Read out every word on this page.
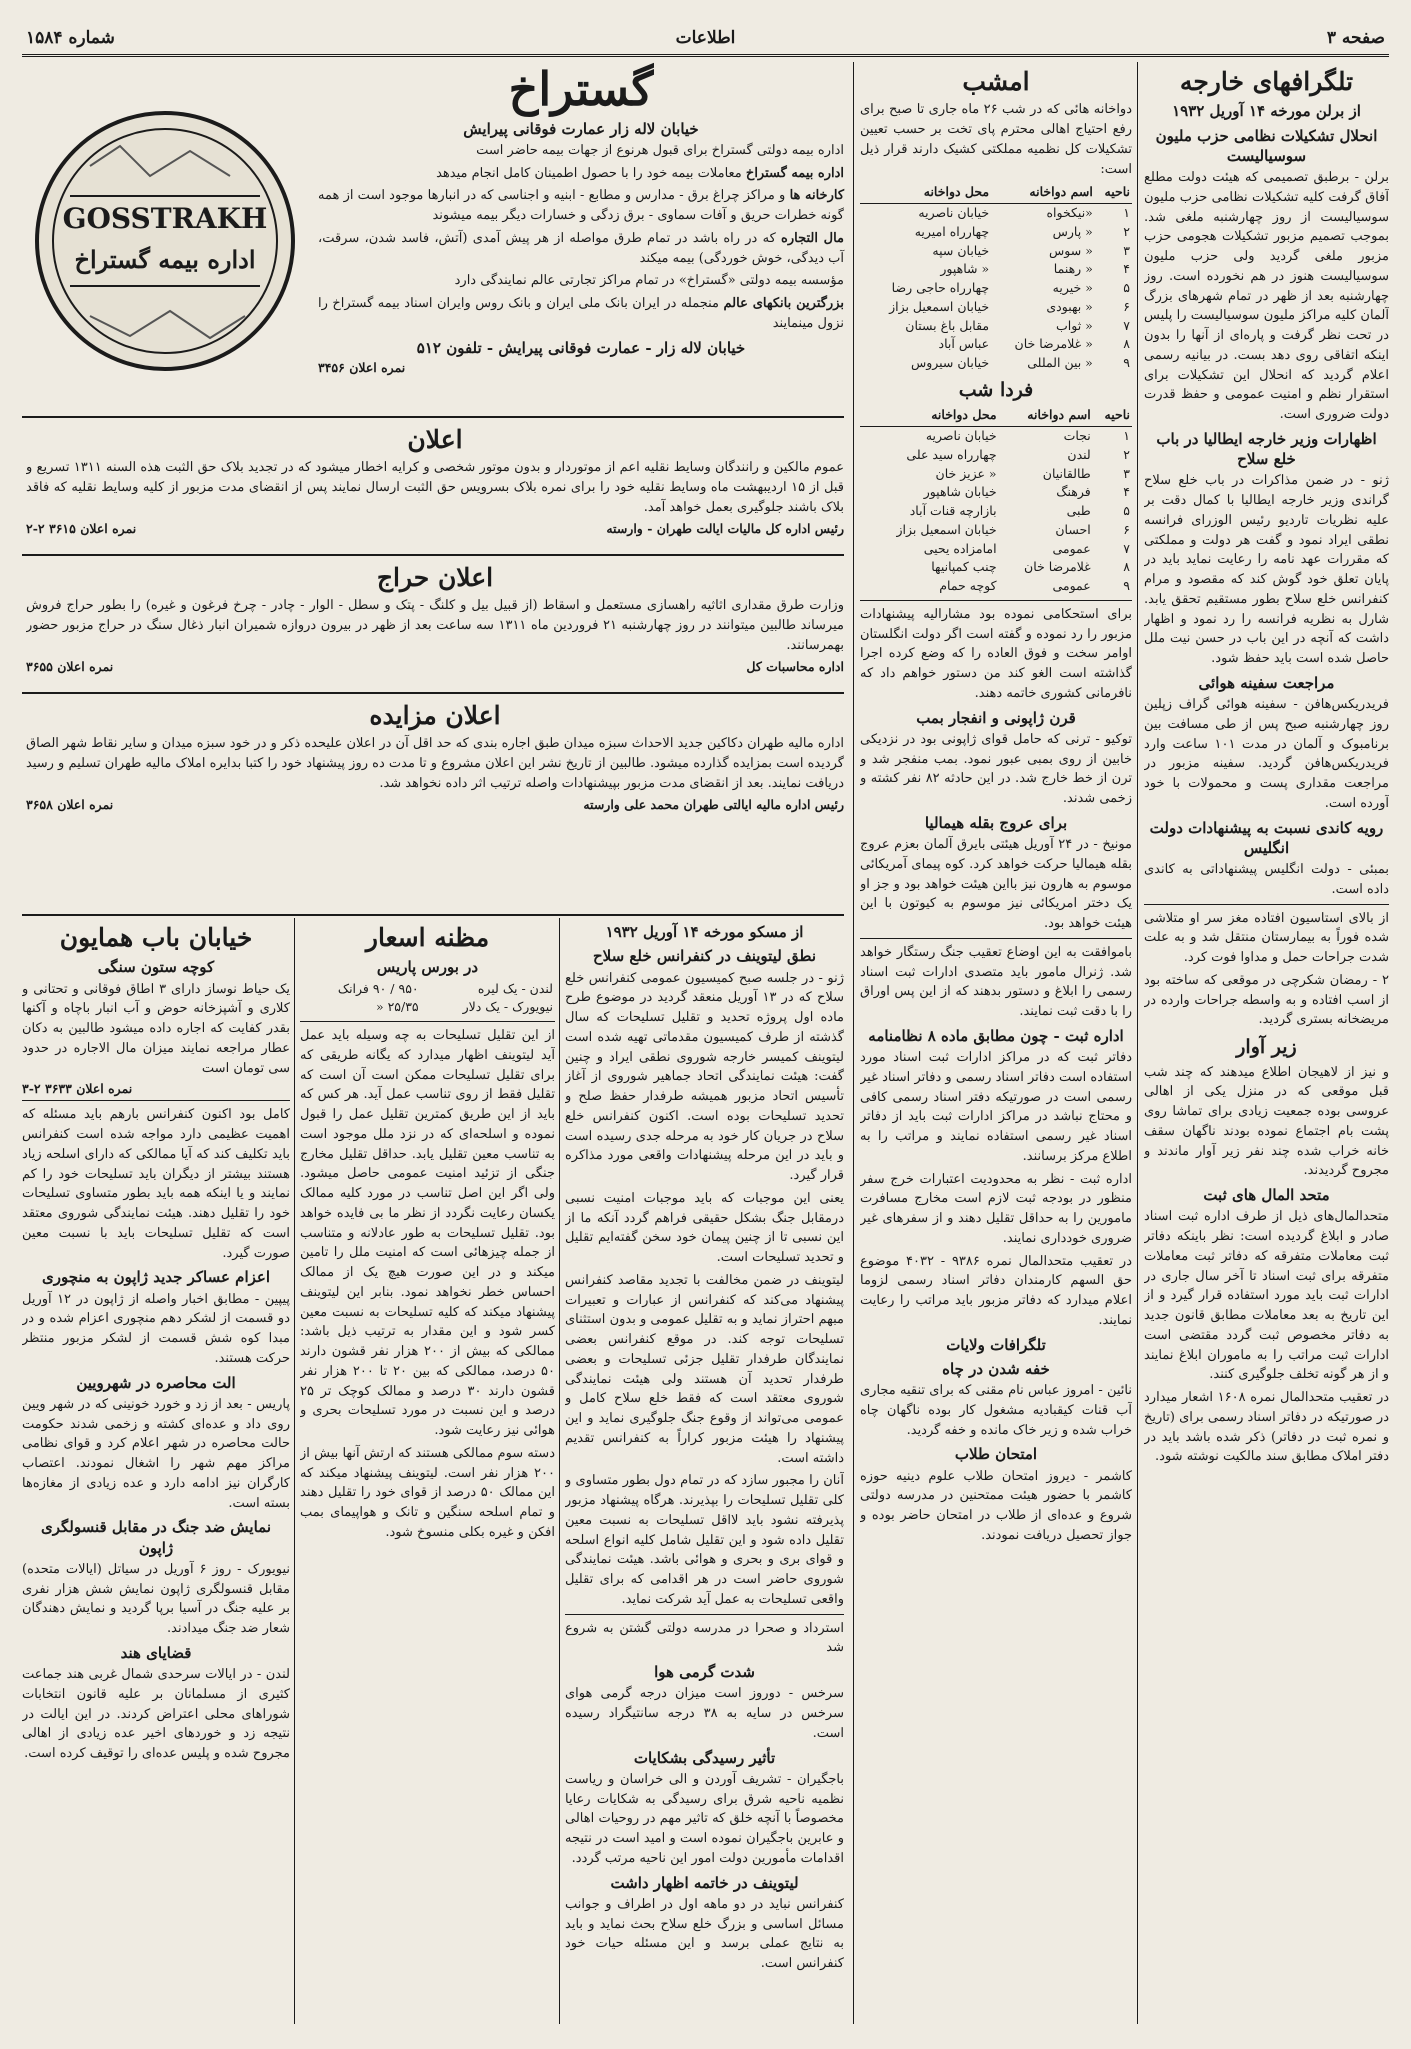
صفحه ۳
اطلاعات
شماره ۱۵۸۴
تلگرافهای خارجه
از برلن مورخه ۱۴ آوریل ۱۹۳۲
انحلال تشکیلات نظامی حزب ملیون سوسیالیست

برلن - برطبق تصمیمی که هیئت دولت مطلع آفاق گرفت کلیه تشکیلات نظامی حزب ملیون سوسیالیست از روز چهارشنبه ملغی شد. بموجب تصمیم مزبور تشکیلات هجومی حزب مزبور ملغی گردید ولی حزب ملیون سوسیالیست هنوز در هم نخورده است. روز چهارشنبه بعد از ظهر در تمام شهرهای بزرگ آلمان کلیه مراکز ملیون سوسیالیست را پلیس در تحت نظر گرفت و پاره‌ای از آنها را بدون اینکه اتفاقی روی دهد بست. در بیانیه رسمی اعلام گردید که انحلال این تشکیلات برای استقرار نظم و امنیت عمومی و حفظ قدرت دولت ضروری است.

اظهارات وزیر خارجه ایطالیا در باب خلع سلاح

ژنو - در ضمن مذاکرات در باب خلع سلاح گراندی وزیر خارجه ایطالیا با کمال دقت بر علیه نظریات تاردیو رئیس الوزرای فرانسه نطقی ایراد نمود و گفت هر دولت و مملکتی که مقررات عهد نامه را رعایت نماید باید در پایان تعلق خود گوش کند که مقصود و مرام کنفرانس خلع سلاح بطور مستقیم تحقق یابد. شارل به نظریه فرانسه را رد نمود و اظهار داشت که آنچه در این باب در حسن نیت ملل حاصل شده است باید حفظ شود.

مراجعت سفینه هوائی

فریدریکس‌هافن - سفینه هوائی گراف زپلین روز چهارشنبه صبح پس از طی مسافت بین برنامبوک و آلمان در مدت ۱۰۱ ساعت وارد فریدریکس‌هافن گردید. سفینه مزبور در مراجعت مقداری پست و محمولات با خود آورده است.

رویه کاندی نسبت به پیشنهادات دولت انگلیس

بمبئی - دولت انگلیس پیشنهاداتی به کاندی داده است.

از بالای استاسیون افتاده مغز سر او متلاشی شده فوراً به بیمارستان منتقل شد و به علت شدت جراحات حمل و مداوا فوت کرد.

۲ - رمضان شکرچی در موقعی که ساخته بود از اسب افتاده و به واسطه جراحات وارده در مریضخانه بستری گردید.

زیر آوار

و نیز از لاهیجان اطلاع میدهند که چند شب قبل موقعی که در منزل یکی از اهالی عروسی بوده جمعیت زیادی برای تماشا روی پشت بام اجتماع نموده بودند ناگهان سقف خانه خراب شده چند نفر زیر آوار ماندند و مجروح گردیدند.

متحد المال های ثبت

متحدالمال‌های ذیل از طرف اداره ثبت اسناد صادر و ابلاغ گردیده است: نظر باینکه دفاتر ثبت معاملات متفرقه که دفاتر ثبت معاملات متفرقه برای ثبت اسناد تا آخر سال جاری در ادارات ثبت باید مورد استفاده قرار گیرد و از این تاریخ به بعد معاملات مطابق قانون جدید به دفاتر مخصوص ثبت گردد مقتضی است ادارات ثبت مراتب را به ماموران ابلاغ نمایند و از هر گونه تخلف جلوگیری کنند.

در تعقیب متحدالمال نمره ۱۶۰۸ اشعار میدارد در صورتیکه در دفاتر اسناد رسمی برای (تاریخ و نمره ثبت در دفاتر) ذکر شده باشد باید در دفتر املاک مطابق سند مالکیت نوشته شود.

امشب

دواخانه هائی که در شب ۲۶ ماه جاری تا صبح برای رفع احتیاج اهالی محترم پای تخت بر حسب تعیین تشکیلات کل نظمیه مملکتی کشیک دارند قرار ذیل است:

ناحیه	اسم دواخانه	محل دواخانه
۱	«نیکخواه	خیابان ناصریه
۲	« پارس	چهارراه امیریه
۳	« سوس	خیابان سپه
۴	« رهنما	« شاهپور
۵	« خیریه	چهارراه حاجی رضا
۶	« بهبودی	خیابان اسمعیل بزاز
۷	« ثواب	مقابل باغ بستان
۸	« غلامرضا خان	عباس آباد
۹	« بین المللی	خیابان سیروس
فردا شب
ناحیه	اسم دواخانه	محل دواخانه
۱	نجات	خیابان ناصریه
۲	لندن	چهارراه سید علی
۳	طالقانیان	« عزیز خان
۴	فرهنگ	خیابان شاهپور
۵	طبی	بازارچه قنات آباد
۶	احسان	خیابان اسمعیل بزاز
۷	عمومی	امامزاده یحیی
۸	غلامرضا خان	چنب کمپانیها
۹	عمومی	کوچه حمام

برای استحکامی نموده بود مشارالیه پیشنهادات مزبور را رد نموده و گفته است اگر دولت انگلستان اوامر سخت و فوق العاده را که وضع کرده اجرا گذاشته است الغو کند من دستور خواهم داد که نافرمانی کشوری خاتمه دهند.

قرن ژاپونی و انفجار بمب

توکیو - ترنی که حامل قوای ژاپونی بود در نزدیکی خابین از روی بمبی عبور نمود. بمب منفجر شد و ترن از خط خارج شد. در این حادثه ۸۲ نفر کشته و زخمی شدند.

برای عروج بقله هیمالیا

مونیخ - در ۲۴ آوریل هیئتی بایرق آلمان بعزم عروج بقله هیمالیا حرکت خواهد کرد. کوه پیمای آمریکائی موسوم به هارون نیز بااین هیئت خواهد بود و جز او یک دختر امریکائی نیز موسوم به کیوتون با این هیئت خواهد بود.

باموافقت به این اوضاع تعقیب جنگ رستگار خواهد شد. ژنرال مامور باید متصدی ادارات ثبت اسناد رسمی را ابلاغ و دستور بدهند که از این پس اوراق را با دقت ثبت نمایند.

اداره ثبت - چون مطابق ماده ۸ نظامنامه

دفاتر ثبت که در مراکز ادارات ثبت اسناد مورد استفاده است دفاتر اسناد رسمی و دفاتر اسناد غیر رسمی است در صورتیکه دفتر اسناد رسمی کافی و محتاج نباشد در مراکز ادارات ثبت باید از دفاتر اسناد غیر رسمی استفاده نمایند و مراتب را به اطلاع مرکز برسانند.

اداره ثبت - نظر به محدودیت اعتبارات خرج سفر منظور در بودجه ثبت لازم است مخارج مسافرت مامورین را به حداقل تقلیل دهند و از سفرهای غیر ضروری خودداری نمایند.

در تعقیب متحدالمال نمره ۹۳۸۶ - ۴۰۳۲ موضوع حق السهم کارمندان دفاتر اسناد رسمی لزوما اعلام میدارد که دفاتر مزبور باید مراتب را رعایت نمایند.

تلگرافات ولایات
خفه شدن در چاه

نائین - امروز عباس نام مقنی که برای تنقیه مجاری آب قنات کیقبادیه مشغول کار بوده ناگهان چاه خراب شده و زیر خاک مانده و خفه گردید.

امتحان طلاب

کاشمر - دیروز امتحان طلاب علوم دینیه حوزه کاشمر با حضور هیئت ممتحنین در مدرسه دولتی شروع و عده‌ای از طلاب در امتحان حاضر بوده و جواز تحصیل دریافت نمودند.

GOSSTRAKH
اداره بیمه گستراخ
گستراخ
خیابان لاله زار عمارت فوقانی پیرایش

اداره بیمه دولتی گستراخ برای قبول هرنوع از جهات بیمه حاضر است

اداره بیمه گستراخ معاملات بیمه خود را با حصول اطمینان کامل انجام میدهد

کارخانه ها و مراکز چراغ برق - مدارس و مطابع - ابنیه و اجناسی که در انبارها موجود است از همه گونه خطرات حریق و آفات سماوی - برق زدگی و خسارات دیگر بیمه میشوند

مال التجاره که در راه باشد در تمام طرق مواصله از هر پیش آمدی (آتش، فاسد شدن، سرقت، آب دیدگی، خوش خوردگی) بیمه میکند

مؤسسه بیمه دولتی «گستراخ» در تمام مراکز تجارتی عالم نمایندگی دارد

بزرگترین بانکهای عالم منجمله در ایران بانک ملی ایران و بانک روس وایران اسناد بیمه گستراخ را نزول مینمایند

خیابان لاله زار - عمارت فوقانی پیرایش - تلفون ۵۱۲
نمره اعلان ۳۴۵۶
اعلان

عموم مالکین و رانندگان وسایط نقلیه اعم از موتوردار و بدون موتور شخصی و کرایه اخطار میشود که در تجدید بلاک حق الثبت هذه السنه ۱۳۱۱ تسریع و قبل از ۱۵ اردیبهشت ماه وسایط نقلیه خود را برای نمره بلاک بسرویس حق الثبت ارسال نمایند پس از انقضای مدت مزبور از کلیه وسایط نقلیه که فاقد بلاک باشند جلوگیری بعمل خواهد آمد.

رئیس اداره کل مالیات ایالت طهران - وارسته
نمره اعلان ۳۶۱۵ ۲-۲
اعلان حراج

وزارت طرق مقداری اثاثیه راهسازی مستعمل و اسقاط (از قبیل بیل و کلنگ - پتک و سطل - الوار - چادر - چرخ فرغون و غیره) را بطور حراج فروش میرساند طالبین میتوانند در روز چهارشنبه ۲۱ فروردین ماه ۱۳۱۱ سه ساعت بعد از ظهر در بیرون دروازه شمیران انبار ذغال سنگ در حراج مزبور حضور بهمرسانند.

اداره محاسبات کل
نمره اعلان ۳۶۵۵
اعلان مزایده

اداره مالیه طهران دکاکین جدید الاحداث سبزه میدان طبق اجاره بندی که حد اقل آن در اعلان علیحده ذکر و در خود سبزه میدان و سایر نقاط شهر الصاق گردیده است بمزایده گذارده میشود. طالبین از تاریخ نشر این اعلان مشروع و تا مدت ده روز پیشنهاد خود را کتبا بدایره املاک مالیه طهران تسلیم و رسید دریافت نمایند. بعد از انقضای مدت مزبور بپیشنهادات واصله ترتیب اثر داده نخواهد شد.

رئیس اداره مالیه ایالتی طهران محمد علی وارسته
نمره اعلان ۳۶۵۸
از مسکو مورخه ۱۴ آوریل ۱۹۳۲
نطق لیتوینف در کنفرانس خلع سلاح

ژنو - در جلسه صبح کمیسیون عمومی کنفرانس خلع سلاح که در ۱۳ آوریل منعقد گردید در موضوع طرح ماده اول پروژه تحدید و تقلیل تسلیحات که سال گذشته از طرف کمیسیون مقدماتی تهیه شده است لیتوینف کمیسر خارجه شوروی نطقی ایراد و چنین گفت: هیئت نمایندگی اتحاد جماهیر شوروی از آغاز تأسیس اتحاد مزبور همیشه طرفدار حفظ صلح و تحدید تسلیحات بوده است. اکنون کنفرانس خلع سلاح در جریان کار خود به مرحله جدی رسیده است و باید در این مرحله پیشنهادات واقعی مورد مذاکره قرار گیرد.

یعنی این موجبات که باید موجبات امنیت نسبی درمقابل جنگ بشکل حقیقی فراهم گردد آنکه ما از این نسبی تا از چنین پیمان خود سخن گفته‌ایم تقلیل و تحدید تسلیحات است.

لیتوینف در ضمن مخالفت با تجدید مقاصد کنفرانس پیشنهاد می‌کند که کنفرانس از عبارات و تعبیرات مبهم احتراز نماید و به تقلیل عمومی و بدون استثنای تسلیحات توجه کند. در موقع کنفرانس بعضی نمایندگان طرفدار تقلیل جزئی تسلیحات و بعضی طرفدار تحدید آن هستند ولی هیئت نمایندگی شوروی معتقد است که فقط خلع سلاح کامل و عمومی می‌تواند از وقوع جنگ جلوگیری نماید و این پیشنهاد را هیئت مزبور کراراً به کنفرانس تقدیم داشته است.

آنان را مجبور سازد که در تمام دول بطور متساوی و کلی تقلیل تسلیحات را بپذیرند. هرگاه پیشنهاد مزبور پذیرفته نشود باید لااقل تسلیحات به نسبت معین تقلیل داده شود و این تقلیل شامل کلیه انواع اسلحه و قوای بری و بحری و هوائی باشد. هیئت نمایندگی شوروی حاضر است در هر اقدامی که برای تقلیل واقعی تسلیحات به عمل آید شرکت نماید.

استرداد و صحرا در مدرسه دولتی گشتن به شروع شد

شدت گرمی هوا

سرخس - دوروز است میزان درجه گرمی هوای سرخس در سایه به ۳۸ درجه سانتیگراد رسیده است.

تأثیر رسیدگی بشکایات

باجگیران - تشریف آوردن و الی خراسان و ریاست نظمیه ناحیه شرق برای رسیدگی به شکایات رعایا مخصوصاً با آنچه خلق که تاثیر مهم در روحیات اهالی و عابرین باجگیران نموده است و امید است در نتیجه اقدامات مأمورین دولت امور این ناحیه مرتب گردد.

لیتوینف در خاتمه اظهار داشت

کنفرانس نباید در دو ماهه اول در اطراف و جوانب مسائل اساسی و بزرگ خلع سلاح بحث نماید و باید به نتایج عملی برسد و این مسئله حیات خود کنفرانس است.

مظنه اسعار
در بورس پاریس
لندن - یک لیره	۹۵۰ / ۹۰ فرانک
نیویورک - یک دلار	۲۵/۳۵ «

از این تقلیل تسلیحات به چه وسیله باید عمل آید لیتوینف اظهار میدارد که یگانه طریقی که برای تقلیل تسلیحات ممکن است آن است که تقلیل فقط از روی تناسب عمل آید. هر کس که باید از این طریق کمترین تقلیل عمل را قبول نموده و اسلحه‌ای که در نزد ملل موجود است به تناسب معین تقلیل یابد. حداقل تقلیل مخارج جنگی از تزئید امنیت عمومی حاصل میشود. ولی اگر این اصل تناسب در مورد کلیه ممالک یکسان رعایت نگردد از نظر ما بی فایده خواهد بود. تقلیل تسلیحات به طور عادلانه و متناسب از جمله چیزهائی است که امنیت ملل را تامین میکند و در این صورت هیچ یک از ممالک احساس خطر نخواهد نمود. بنابر این لیتوینف پیشنهاد میکند که کلیه تسلیحات به نسبت معین کسر شود و این مقدار به ترتیب ذیل باشد: ممالکی که بیش از ۲۰۰ هزار نفر قشون دارند ۵۰ درصد، ممالکی که بین ۲۰ تا ۲۰۰ هزار نفر قشون دارند ۳۰ درصد و ممالک کوچک تر ۲۵ درصد و این نسبت در مورد تسلیحات بحری و هوائی نیز رعایت شود.

دسته سوم ممالکی هستند که ارتش آنها بیش از ۲۰۰ هزار نفر است. لیتوینف پیشنهاد میکند که این ممالک ۵۰ درصد از قوای خود را تقلیل دهند و تمام اسلحه سنگین و تانک و هواپیمای بمب افکن و غیره بکلی منسوخ شود.

خیابان باب همایون
کوچه ستون سنگی

یک حیاط نوساز دارای ۳ اطاق فوقانی و تحتانی و کلاری و آشپزخانه حوض و آب انبار باچاه و آکنها بقدر کفایت که اجاره داده میشود طالبین به دکان عطار مراجعه نمایند میزان مال الاجاره در حدود سی تومان است

نمره اعلان ۳۶۳۳ ۲-۳

کامل بود اکنون کنفرانس بارهم باید مسئله که اهمیت عظیمی دارد مواجه شده است کنفرانس باید تکلیف کند که آیا ممالکی که دارای اسلحه زیاد هستند بیشتر از دیگران باید تسلیحات خود را کم نمایند و یا اینکه همه باید بطور متساوی تسلیحات خود را تقلیل دهند. هیئت نمایندگی شوروی معتقد است که تقلیل تسلیحات باید با نسبت معین صورت گیرد.

اعزام عساکر جدید ژاپون به منچوری

پیپین - مطابق اخبار واصله از ژاپون در ۱۲ آوریل دو قسمت از لشکر دهم منچوری اعزام شده و در مبدا کوه شش قسمت از لشکر مزبور منتظر حرکت هستند.

الت محاصره در شهرویین

پاریس - بعد از زد و خورد خونینی که در شهر ویین روی داد و عده‌ای کشته و زخمی شدند حکومت حالت محاصره در شهر اعلام کرد و قوای نظامی مراکز مهم شهر را اشغال نمودند. اعتصاب کارگران نیز ادامه دارد و عده زیادی از مغازه‌ها بسته است.

نمایش ضد جنگ در مقابل قنسولگری ژاپون

نیویورک - روز ۶ آوریل در سیاتل (ایالات متحده) مقابل قنسولگری ژاپون نمایش شش هزار نفری بر علیه جنگ در آسیا برپا گردید و نمایش دهندگان شعار ضد جنگ میدادند.

قضایای هند

لندن - در ایالات سرحدی شمال غربی هند جماعت کثیری از مسلمانان بر علیه قانون انتخابات شوراهای محلی اعتراض کردند. در این ایالت در نتیجه زد و خوردهای اخیر عده زیادی از اهالی مجروح شده و پلیس عده‌ای را توقیف کرده است.
